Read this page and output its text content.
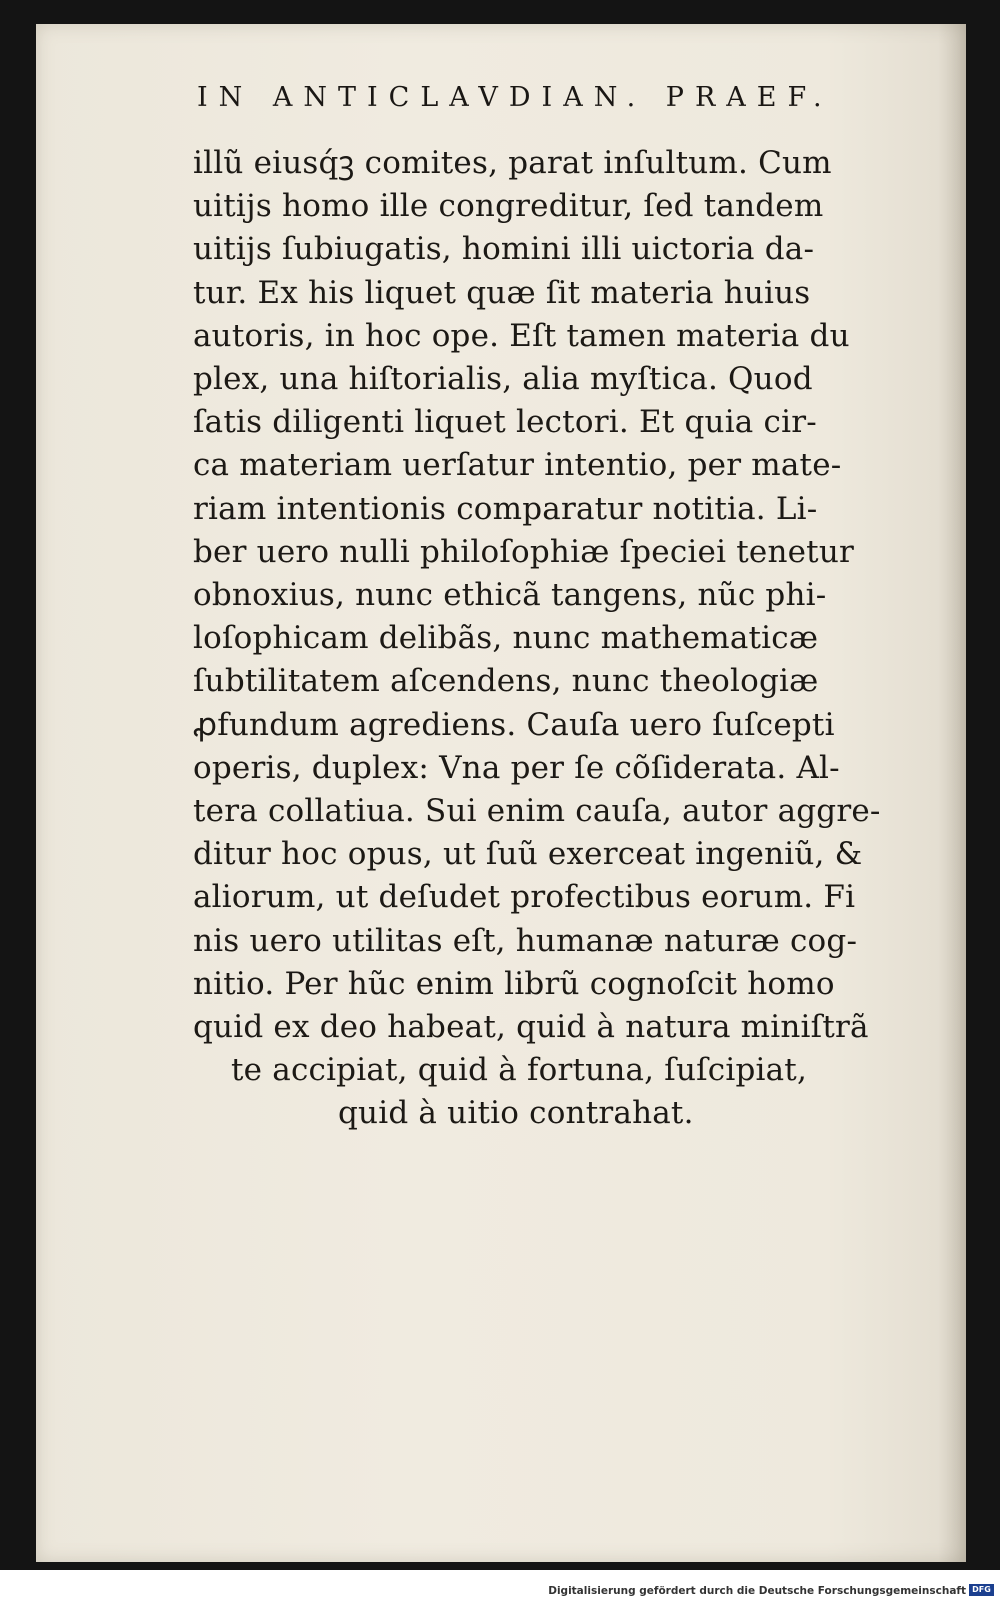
IN ANTICLAVDIAN. PRAEF.
illũ eiusq́ꝫ comites, parat inſultum. Cum
uitijs homo ille congreditur, ſed tandem
uitijs ſubiugatis, homini illi uictoria da-
tur. Ex his liquet quæ ſit materia huius
autoris, in hoc ope. Eſt tamen materia du
plex, una hiſtorialis, alia myſtica. Quod
ſatis diligenti liquet lectori. Et quia cir-
ca materiam uerſatur intentio, per mate-
riam intentionis comparatur notitia. Li-
ber uero nulli philoſophiæ ſpeciei tenetur
obnoxius, nunc ethicã tangens, nũc phi-
loſophicam delibãs, nunc mathematicæ
ſubtilitatem aſcendens, nunc theologiæ
ꝓfundum agrediens. Cauſa uero ſuſcepti
operis, duplex: Vna per ſe cõſiderata. Al-
tera collatiua. Sui enim cauſa, autor aggre-
ditur hoc opus, ut ſuũ exerceat ingeniũ, &
aliorum, ut deſudet profectibus eorum. Fi
nis uero utilitas eſt, humanæ naturæ cog-
nitio. Per hũc enim librũ cognoſcit homo
quid ex deo habeat, quid à natura miniſtrã
te accipiat, quid à fortuna, ſuſcipiat,
quid à uitio contrahat.
Digitalisierung gefördert durch die Deutsche Forschungsgemeinschaft DFG
